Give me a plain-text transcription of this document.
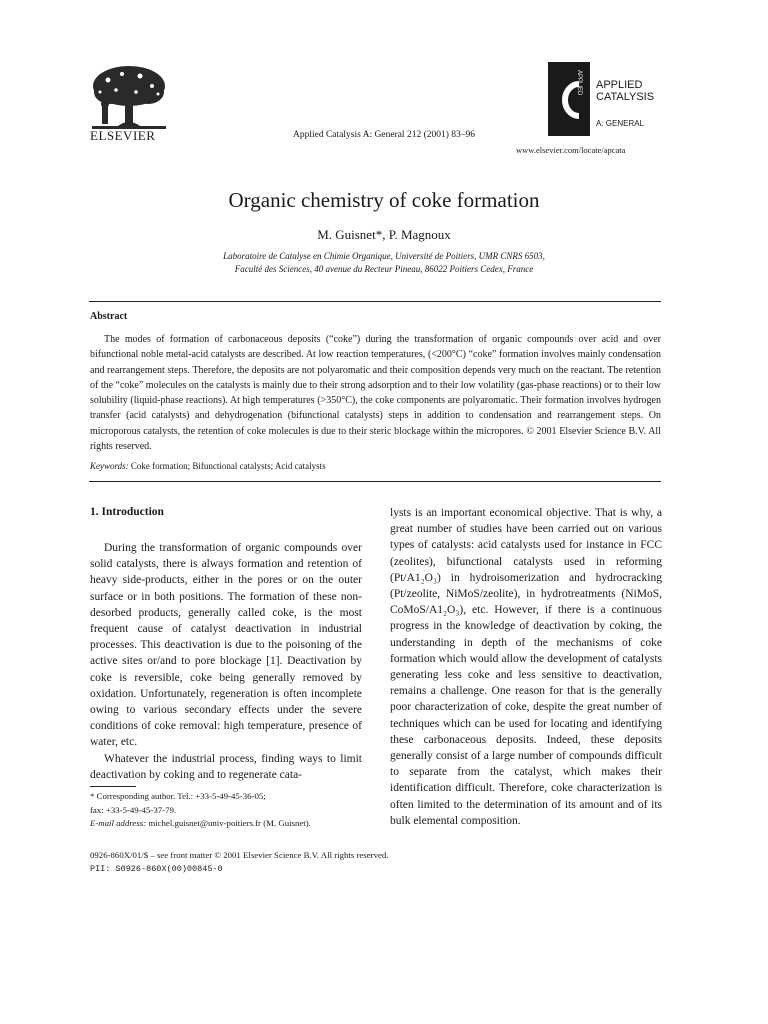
ELSEVIER	Applied Catalysis A: General 212 (2001) 83–96
APPLIED APPLIED
CATALYSIS
A: GENERAL
www.elsevier.com/locate/apcata
Organic chemistry of coke formation
M. Guisnet*, P. Magnoux
Laboratoire de Catalyse en Chimie Organique, Université de Poitiers, UMR CNRS 6503,
Faculté des Sciences, 40 avenue du Recteur Pineau, 86022 Poitiers Cedex, France
Abstract
The modes of formation of carbonaceous deposits (“coke”) during the transformation of organic compounds over acid and over bifunctional noble metal-acid catalysts are described. At low reaction temperatures, (<200°C) “coke” formation involves mainly condensation and rearrangement steps. Therefore, the deposits are not polyaromatic and their composition depends very much on the reactant. The retention of the “coke” molecules on the catalysts is mainly due to their strong adsorption and to their low volatility (gas-phase reactions) or to their low solubility (liquid-phase reactions). At high temperatures (>350°C), the coke components are polyaromatic. Their formation involves hydrogen transfer (acid catalysts) and dehydrogenation (bifunctional catalysts) steps in addition to condensation and rearrangement steps. On microporous catalysts, the retention of coke molecules is due to their steric blockage within the micropores. © 2001 Elsevier Science B.V. All rights reserved.
Keywords: Coke formation; Bifunctional catalysts; Acid catalysts
1. Introduction

During the transformation of organic compounds over solid catalysts, there is always formation and retention of heavy side-products, either in the pores or on the outer surface or in both positions. The formation of these non-desorbed products, generally called coke, is the most frequent cause of catalyst deactivation in industrial processes. This deactivation is due to the poisoning of the active sites or/and to pore blockage [1]. Deactivation by coke is reversible, coke being generally removed by oxidation. Unfortunately, regeneration is often incomplete owing to various secondary effects under the severe conditions of coke removal: high temperature, presence of water, etc.

Whatever the industrial process, finding ways to limit deactivation by coking and to regenerate cata-

lysts is an important economical objective. That is why, a great number of studies have been carried out on various types of catalysts: acid catalysts used for instance in FCC (zeolites), bifunctional catalysts used in reforming (Pt/A1₂O₃) in hydroisomerization and hydrocracking (Pt/zeolite, NiMoS/zeolite), in hydrotreatments (NiMoS, CoMoS/A1₂O₃), etc. However, if there is a continuous progress in the knowledge of deactivation by coking, the understanding in depth of the mechanisms of coke formation which would allow the development of catalysts generating less coke and less sensitive to deactivation, remains a challenge. One reason for that is the generally poor characterization of coke, despite the great number of techniques which can be used for locating and identifying these carbonaceous deposits. Indeed, these deposits generally consist of a large number of compounds difficult to separate from the catalyst, which makes their identification difficult. Therefore, coke characterization is often limited to the determination of its amount and of its bulk elemental composition.

* Corresponding author. Tel.: +33-5-49-45-36-05;
fax: +33-5-49-45-37-79.
E-mail address: michel.guisnet@univ-poitiers.fr (M. Guisnet).
0926-860X/01/$ – see front matter © 2001 Elsevier Science B.V. All rights reserved.
PII: S0926-860X(00)00845-0
